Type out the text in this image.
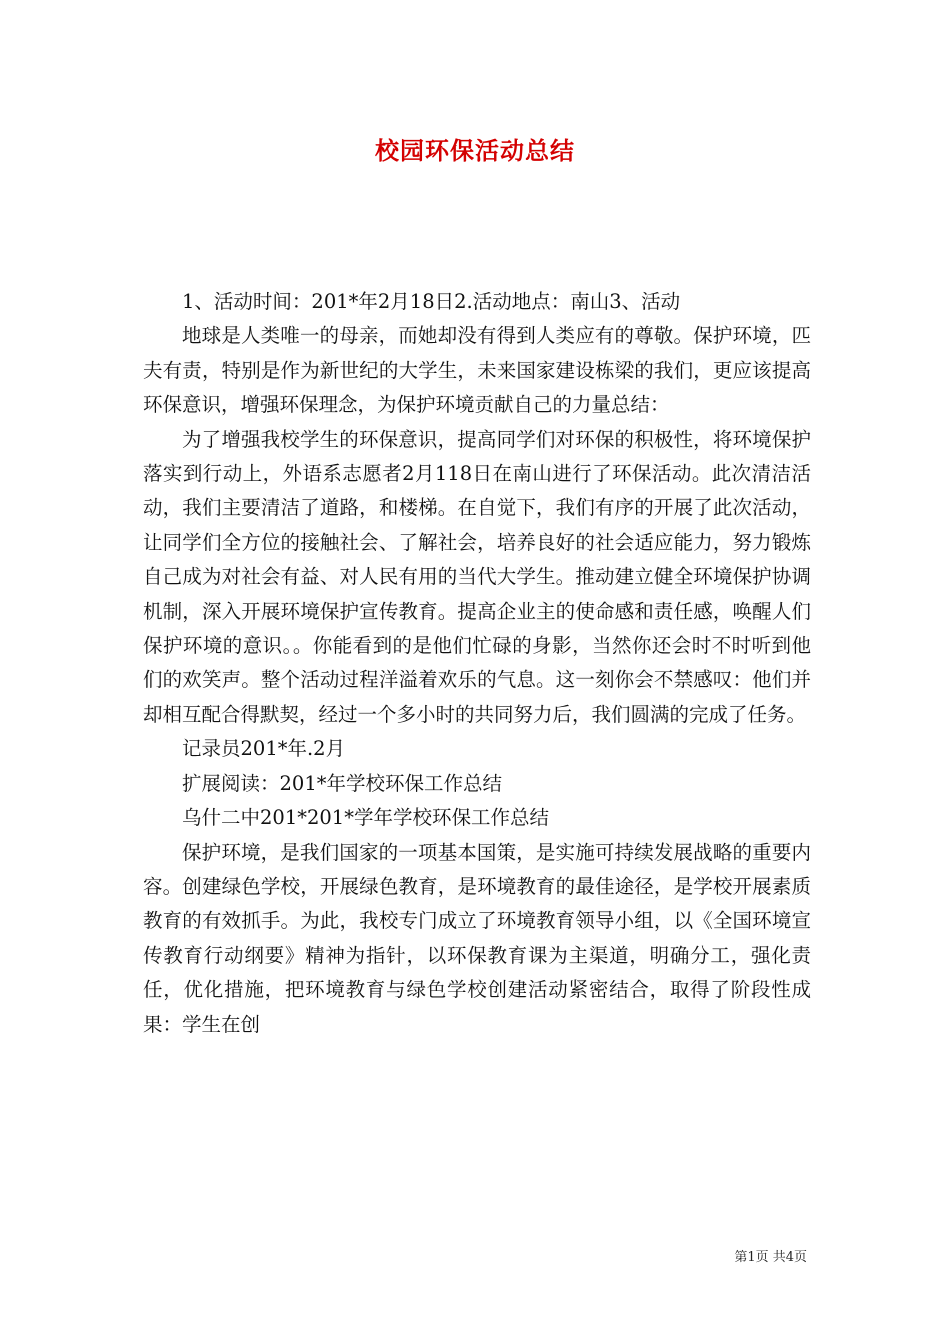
校园环保活动总结

1、活动时间：201*年2月18日2.活动地点：南山3、活动

地球是人类唯一的母亲，而她却没有得到人类应有的尊敬。保护环境，匹夫有责，特别是作为新世纪的大学生，未来国家建设栋梁的我们，更应该提高环保意识，增强环保理念，为保护环境贡献自己的力量总结：

为了增强我校学生的环保意识，提高同学们对环保的积极性，将环境保护落实到行动上，外语系志愿者2月118日在南山进行了环保活动。此次清洁活动，我们主要清洁了道路，和楼梯。在自觉下，我们有序的开展了此次活动，让同学们全方位的接触社会、了解社会，培养良好的社会适应能力，努力锻炼自己成为对社会有益、对人民有用的当代大学生。推动建立健全环境保护协调机制，深入开展环境保护宣传教育。提高企业主的使命感和责任感，唤醒人们保护环境的意识。。你能看到的是他们忙碌的身影，当然你还会时不时听到他们的欢笑声。整个活动过程洋溢着欢乐的气息。这一刻你会不禁感叹：他们并却相互配合得默契，经过一个多小时的共同努力后，我们圆满的完成了任务。

记录员201*年.2月

扩展阅读：201*年学校环保工作总结

乌什二中201*201*学年学校环保工作总结

保护环境，是我们国家的一项基本国策，是实施可持续发展战略的重要内容。创建绿色学校，开展绿色教育，是环境教育的最佳途径，是学校开展素质教育的有效抓手。为此，我校专门成立了环境教育领导小组，以《全国环境宣传教育行动纲要》精神为指针，以环保教育课为主渠道，明确分工，强化责任，优化措施，把环境教育与绿色学校创建活动紧密结合，取得了阶段性成果：学生在创

第1页 共4页
